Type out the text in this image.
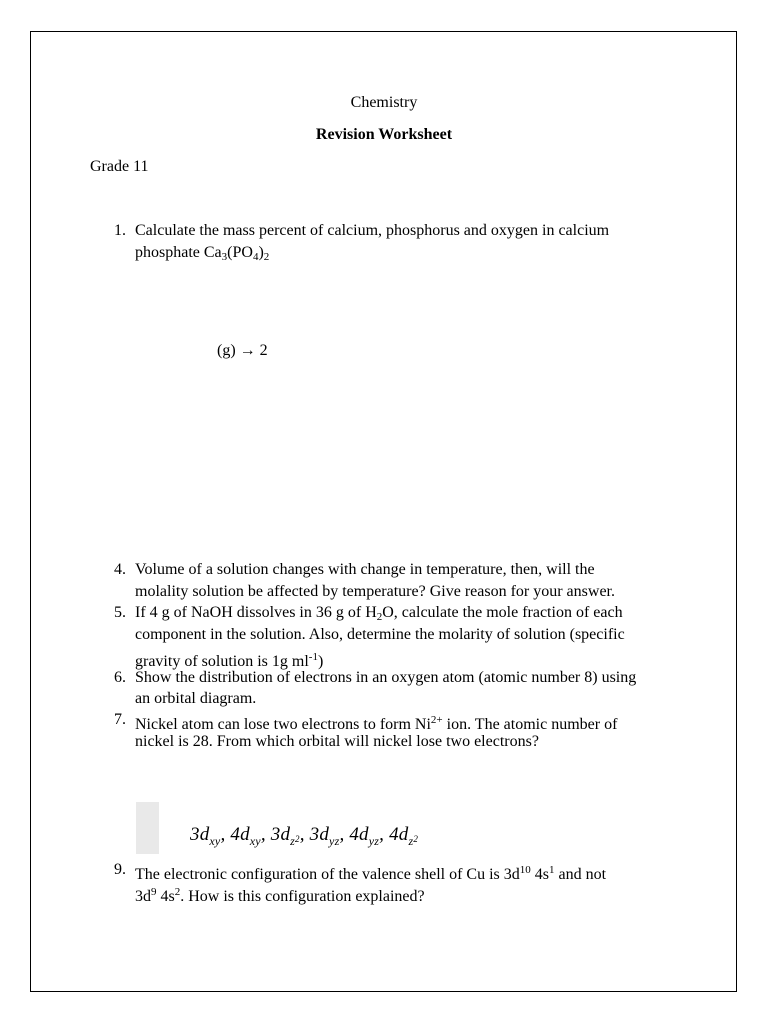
Chemistry
Revision Worksheet
Grade 11
1. Calculate the mass percent of calcium, phosphorus and oxygen in calcium
phosphate $Ca_3(PO_4)_2$
(g) → 2
4. Volume of a solution changes with change in temperature, then, will the
molality solution be affected by temperature? Give reason for your answer.
5. If 4 g of NaOH dissolves in 36 g of $H_2O$, calculate the mole fraction of each
component in the solution. Also, determine the molarity of solution (specific
gravity of solution is 1g $ml^{-1}$)
6. Show the distribution of electrons in an oxygen atom (atomic number 8) using
an orbital diagram.
7. Nickel atom can lose two electrons to form $Ni^{2+}$ ion. The atomic number of
nickel is 28. From which orbital will nickel lose two electrons?
$3d_{xy}$, $4d_{xy}$, $3d_z2$, $3d_{yz}$, $4d_{yz}$, $4d_z2$
9. The electronic configuration of the valence shell of Cu is $3d^{10}$ $4s^1$ and not
$3d^9$ $4s^2$. How is this configuration explained?
